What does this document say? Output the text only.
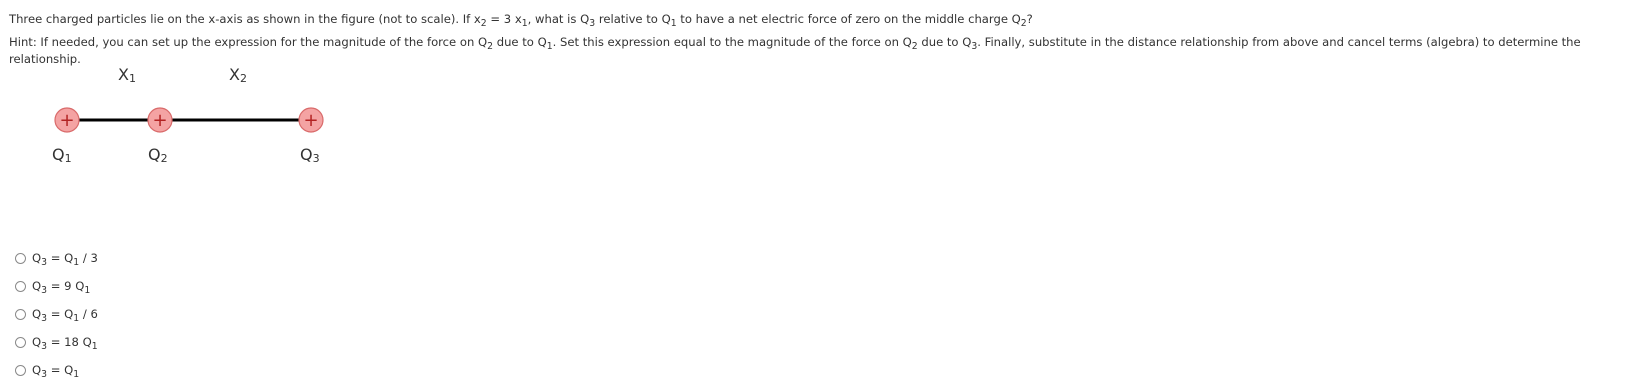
Three charged particles lie on the x-axis as shown in the figure (not to scale). If $x_2 = 3$ $x_1$, what is $Q_3$ relative to $Q_1$ to have a net electric force of zero on the middle charge $Q_2$?
Hint: If needed, you can set up the expression for the magnitude of the force on $Q_2$ due to $Q_1$. Set this expression equal to the magnitude of the force on $Q_2$ due to $Q_3$. Finally, substitute in the distance relationship from above and cancel terms (algebra) to determine the relationship.
X1	X2
+	+	+
Q1	Q2	Q3
$Q_3 = Q_1 / 3$
$Q_3 = 9$ $Q_1$
$Q_3 = Q_1 / 6$
$Q_3 = 18$ $Q_1$
$Q_3 = Q_1$
